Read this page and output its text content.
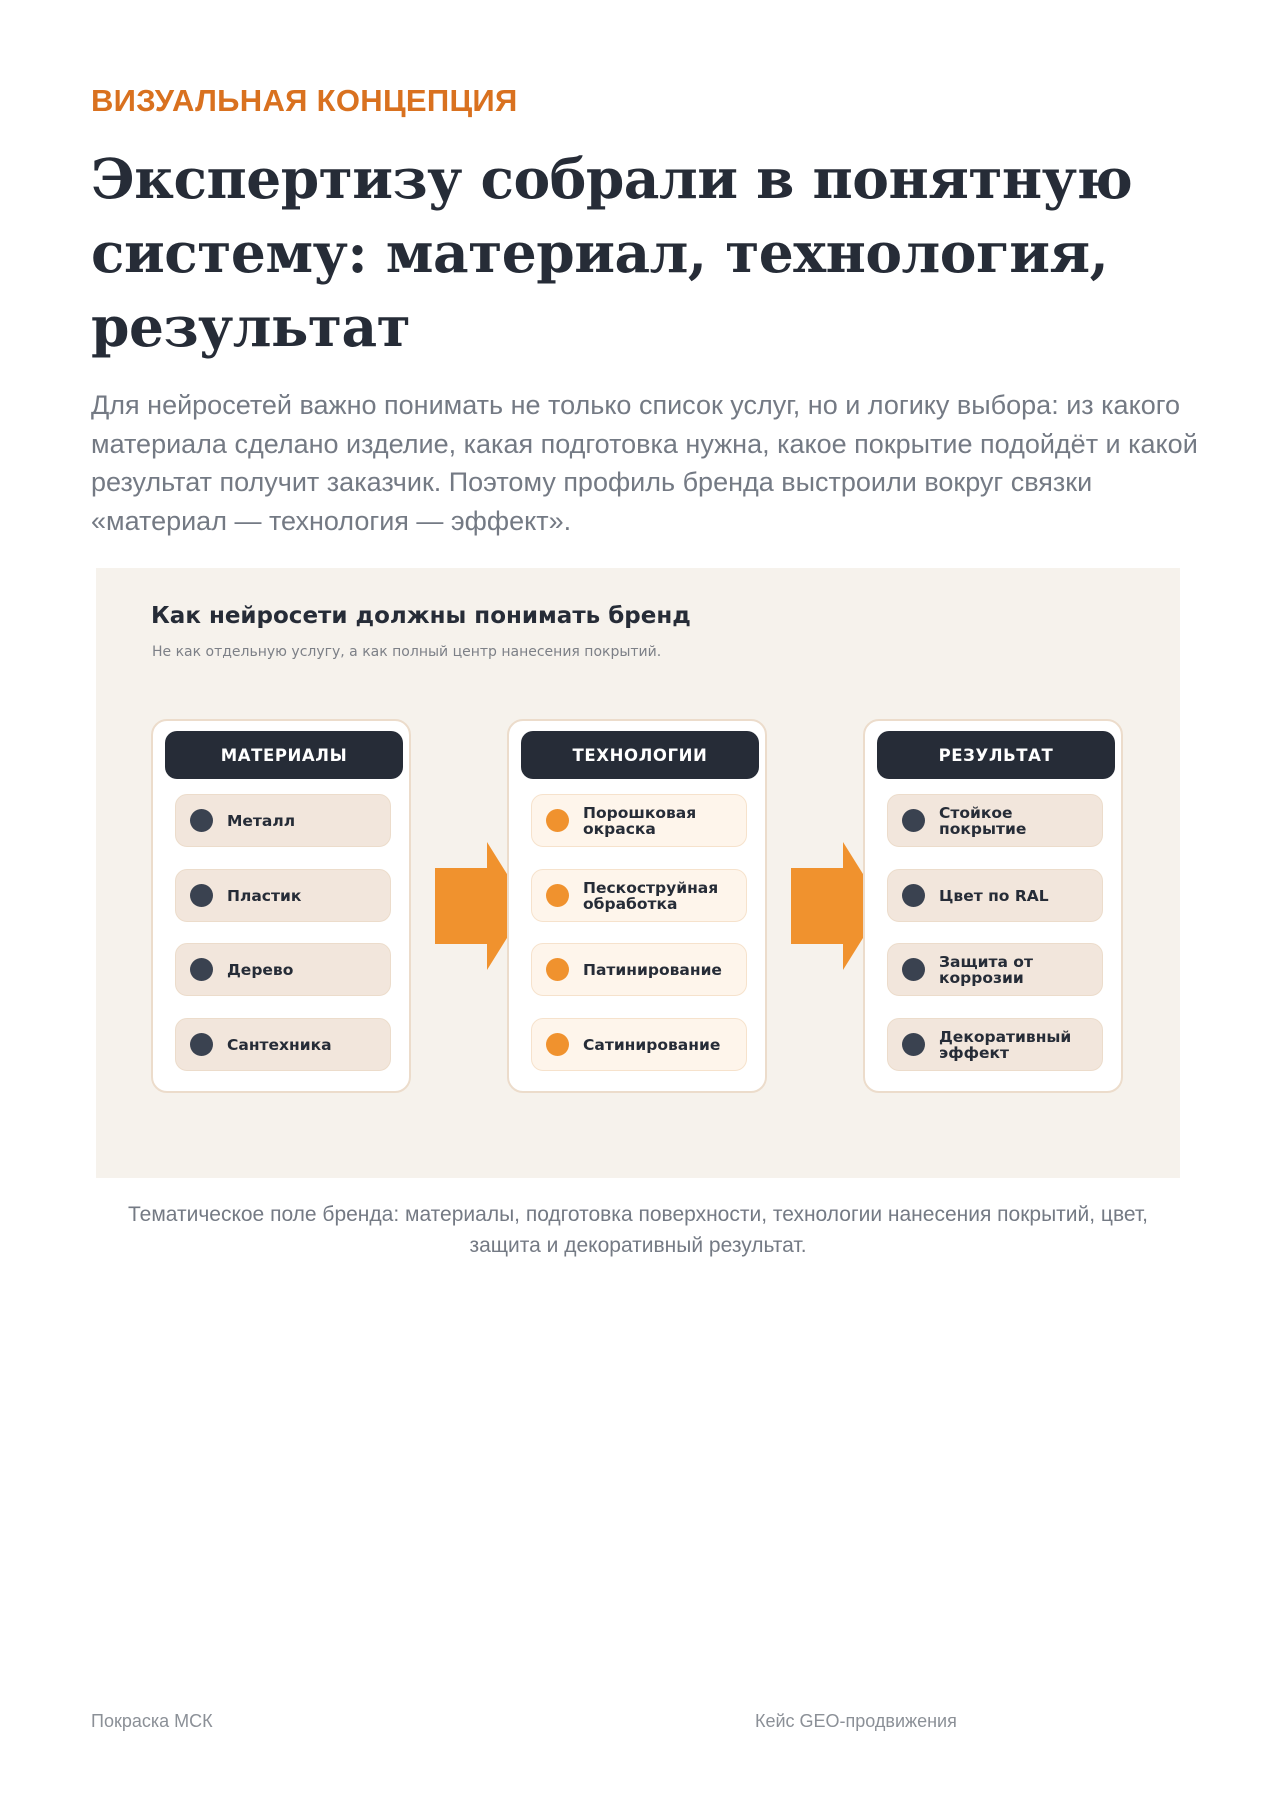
ВИЗУАЛЬНАЯ КОНЦЕПЦИЯ
Экспертизу собрали в понятную систему: материал, технология, результат

Для нейросетей важно понимать не только список услуг, но и логику выбора: из какого материала сделано изделие, какая подготовка нужна, какое покрытие подойдёт и какой результат получит заказчик. Поэтому профиль бренда выстроили вокруг связки «материал — технология — эффект».

Как нейросети должны понимать бренд
Не как отдельную услугу, а как полный центр нанесения покрытий.
МАТЕРИАЛЫ
Металл
Пластик
Дерево
Сантехника
ТЕХНОЛОГИИ
Порошковая
окраска
Пескоструйная
обработка
Патинирование
Сатинирование
РЕЗУЛЬТАТ
Стойкое
покрытие
Цвет по RAL
Защита от
коррозии
Декоративный
эффект

Тематическое поле бренда: материалы, подготовка поверхности, технологии нанесения покрытий, цвет, защита и декоративный результат.

Покраска МСК	Кейс GEO-продвижения
